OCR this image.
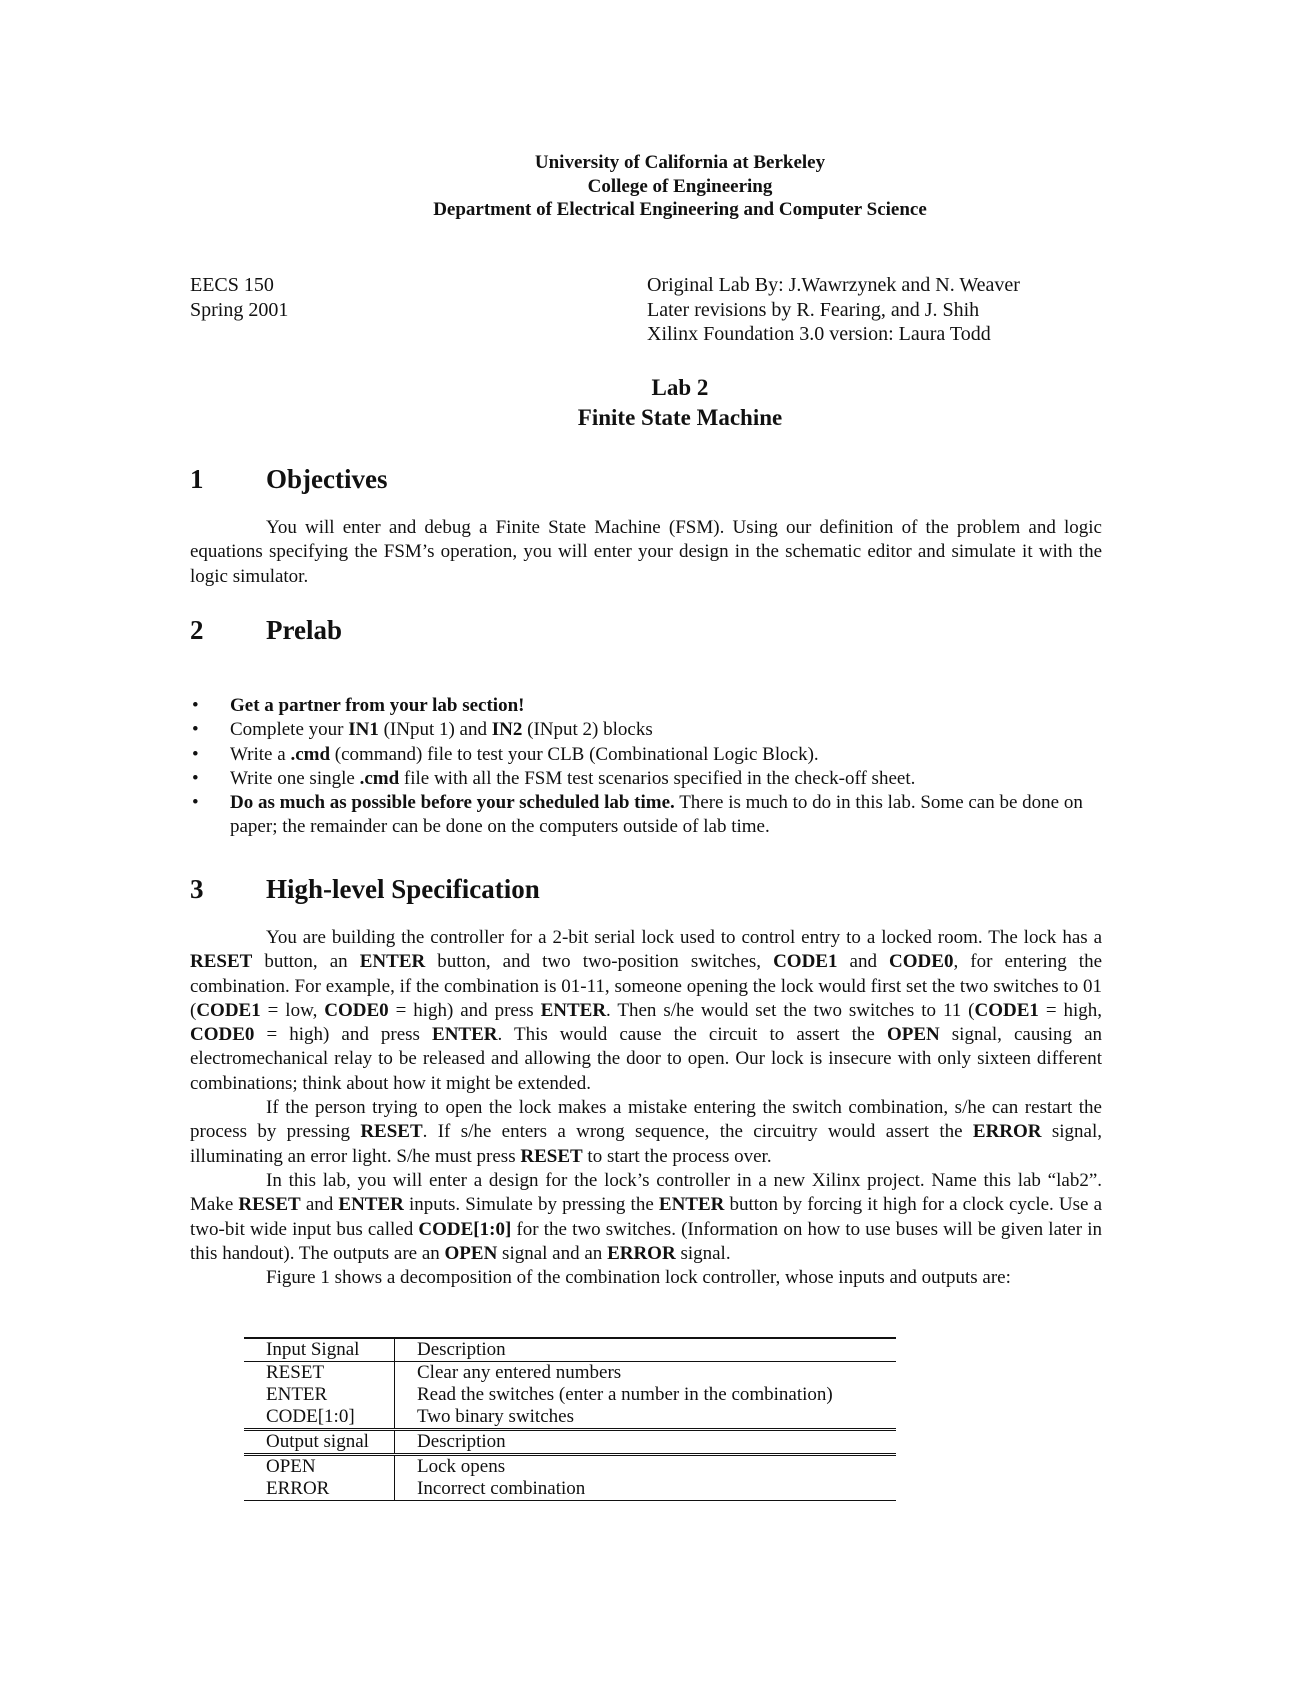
University of California at Berkeley
College of Engineering
Department of Electrical Engineering and Computer Science
EECS 150
Spring 2001
Original Lab By: J.Wawrzynek and N. Weaver
Later revisions by R. Fearing, and J. Shih
Xilinx Foundation 3.0 version: Laura Todd
Lab 2
Finite State Machine
1 Objectives

You will enter and debug a Finite State Machine (FSM). Using our definition of the problem and logic equations specifying the FSM’s operation, you will enter your design in the schematic editor and simulate it with the logic simulator.

2 Prelab
• Get a partner from your lab section!
• Complete your IN1 (INput 1) and IN2 (INput 2) blocks
• Write a .cmd (command) file to test your CLB (Combinational Logic Block).
• Write one single .cmd file with all the FSM test scenarios specified in the check-off sheet.
• Do as much as possible before your scheduled lab time. There is much to do in this lab. Some can be done on paper; the remainder can be done on the computers outside of lab time.
3 High-level Specification

You are building the controller for a 2-bit serial lock used to control entry to a locked room. The lock has a RESET button, an ENTER button, and two two-position switches, CODE1 and CODE0, for entering the combination. For example, if the combination is 01-11, someone opening the lock would first set the two switches to 01 (CODE1 = low, CODE0 = high) and press ENTER. Then s/he would set the two switches to 11 (CODE1 = high, CODE0 = high) and press ENTER. This would cause the circuit to assert the OPEN signal, causing an electromechanical relay to be released and allowing the door to open. Our lock is insecure with only sixteen different combinations; think about how it might be extended.

If the person trying to open the lock makes a mistake entering the switch combination, s/he can restart the process by pressing RESET. If s/he enters a wrong sequence, the circuitry would assert the ERROR signal, illuminating an error light. S/he must press RESET to start the process over.

In this lab, you will enter a design for the lock’s controller in a new Xilinx project. Name this lab “lab2”. Make RESET and ENTER inputs. Simulate by pressing the ENTER button by forcing it high for a clock cycle. Use a two-bit wide input bus called CODE[1:0] for the two switches. (Information on how to use buses will be given later in this handout). The outputs are an OPEN signal and an ERROR signal.

Figure 1 shows a decomposition of the combination lock controller, whose inputs and outputs are:

Input Signal	Description
RESET	Clear any entered numbers
ENTER	Read the switches (enter a number in the combination)
CODE[1:0]	Two binary switches
Output signal	Description
OPEN	Lock opens
ERROR	Incorrect combination
